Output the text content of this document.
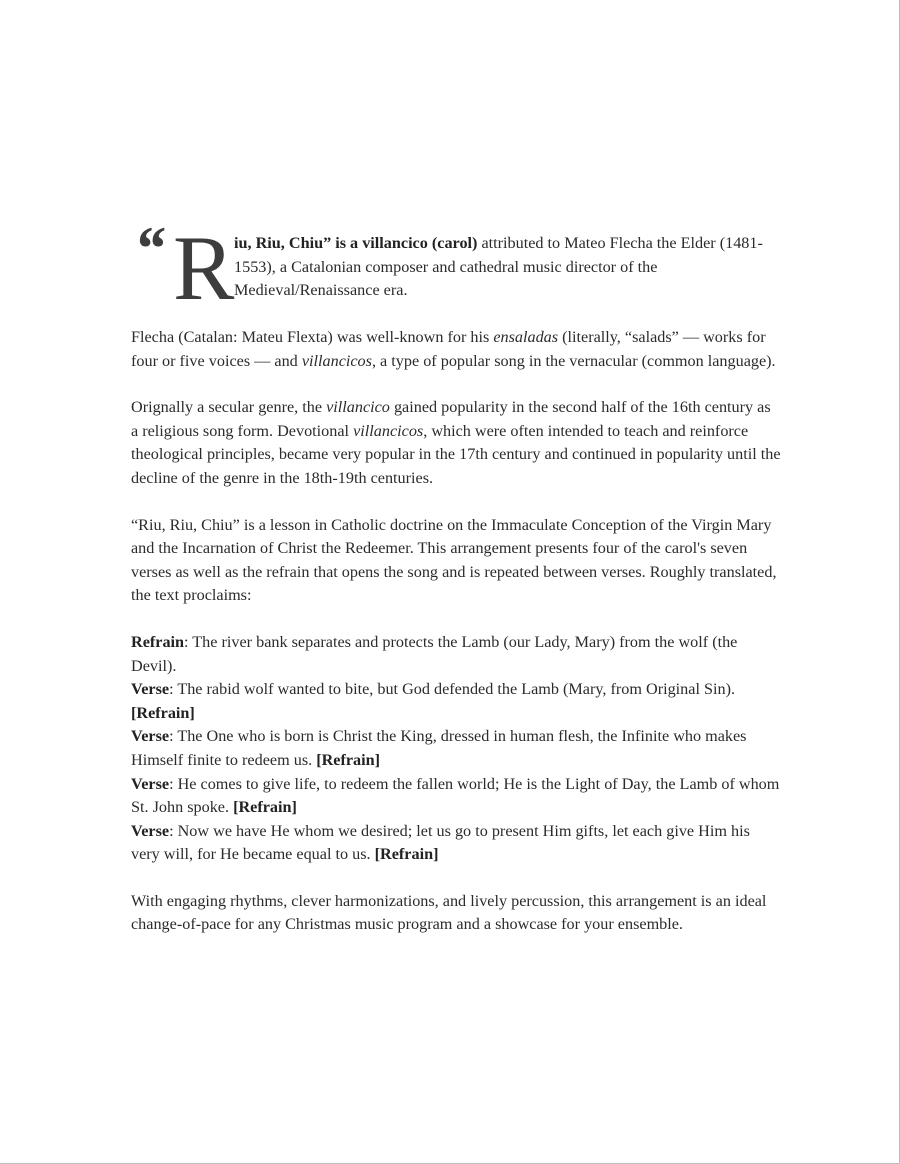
“ R iu, Riu, Chiu” is a villancico (carol) attributed to Mateo Flecha the Elder (1481-1553), a Catalonian composer and cathedral music director of the Medieval/Renaissance era.

Flecha (Catalan: Mateu Flexta) was well-known for his ensaladas (literally, “salads” — works for four or five voices — and villancicos, a type of popular song in the vernacular (common language).

Orignally a secular genre, the villancico gained popularity in the second half of the 16th century as a religious song form. Devotional villancicos, which were often intended to teach and reinforce theological principles, became very popular in the 17th century and continued in popularity until the decline of the genre in the 18th-19th centuries.

“Riu, Riu, Chiu” is a lesson in Catholic doctrine on the Immaculate Conception of the Virgin Mary and the Incarnation of Christ the Redeemer. This arrangement presents four of the carol's seven verses as well as the refrain that opens the song and is repeated between verses. Roughly translated, the text proclaims:

Refrain: The river bank separates and protects the Lamb (our Lady, Mary) from the wolf (the Devil).

Verse: The rabid wolf wanted to bite, but God defended the Lamb (Mary, from Original Sin). [Refrain]

Verse: The One who is born is Christ the King, dressed in human flesh, the Infinite who makes Himself finite to redeem us. [Refrain]

Verse: He comes to give life, to redeem the fallen world; He is the Light of Day, the Lamb of whom St. John spoke. [Refrain]

Verse: Now we have He whom we desired; let us go to present Him gifts, let each give Him his very will, for He became equal to us. [Refrain]

With engaging rhythms, clever harmonizations, and lively percussion, this arrangement is an ideal change-of-pace for any Christmas music program and a showcase for your ensemble.
